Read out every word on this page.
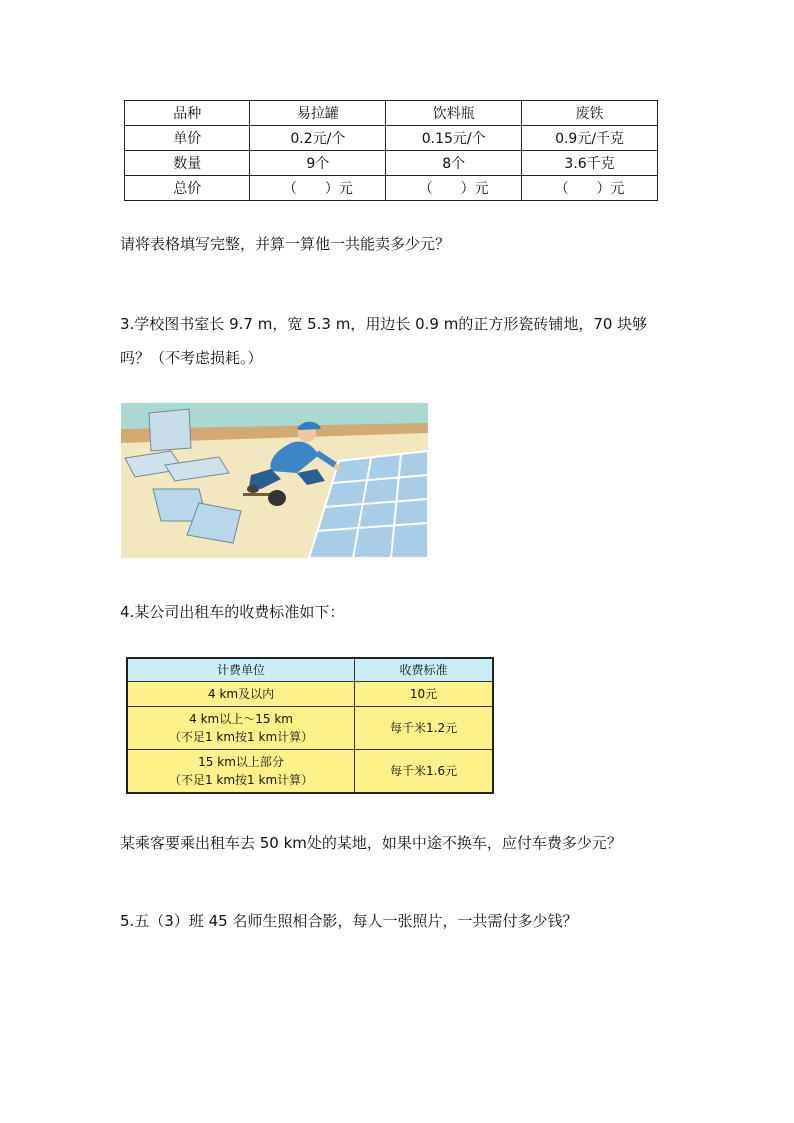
品种	易拉罐	饮料瓶	废铁
单价	0.2元/个	0.15元/个	0.9元/千克
数量	9个	8个	3.6千克
总价	（　　）元	（　　）元	（　　）元
请将表格填写完整，并算一算他一共能卖多少元？
3.学校图书室长 9.7 m，宽 5.3 m，用边长 0.9 m的正方形瓷砖铺地，70 块够
吗？（不考虑损耗。）
4.某公司出租车的收费标准如下：
计费单位	收费标准

4 km及以内	10元

4 km以上～15 km
（不足1 km按1 km计算）	每千米1.2元

15 km以上部分
（不足1 km按1 km计算）	每千米1.6元
某乘客要乘出租车去 50 km处的某地，如果中途不换车，应付车费多少元？
5.五（3）班 45 名师生照相合影，每人一张照片，一共需付多少钱？
